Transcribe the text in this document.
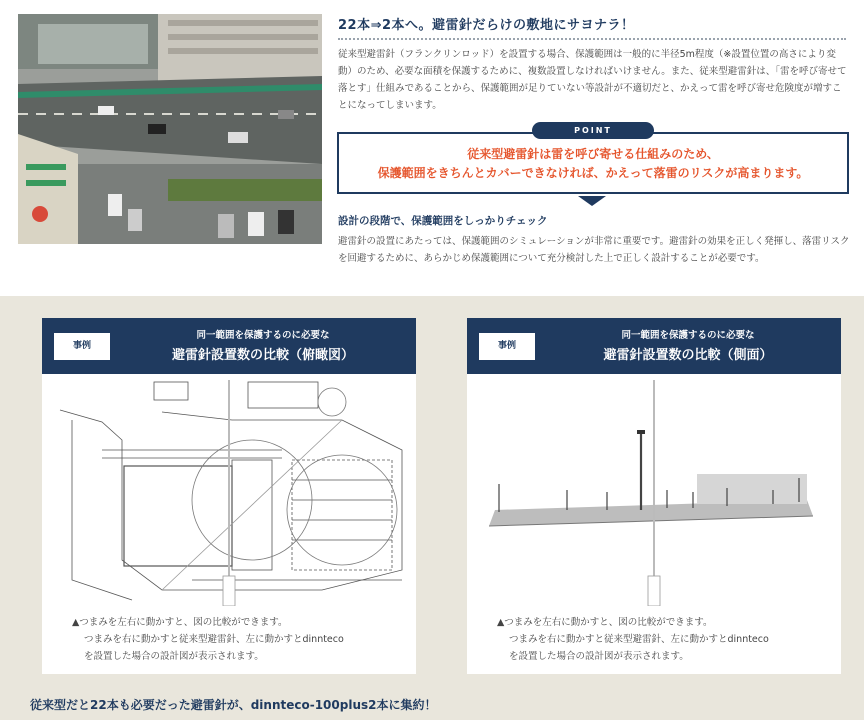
22本⇒2本へ。避雷針だらけの敷地にサヨナラ！
従来型避雷針（フランクリンロッド）を設置する場合、保護範囲は一般的に半径5m程度（※設置位置の高さにより変動）のため、必要な面積を保護するために、複数設置しなければいけません。また、従来型避雷針は、「雷を呼び寄せて落とす」仕組みであることから、保護範囲が足りていない等設計が不適切だと、かえって雷を呼び寄せ危険度が増すことになってしまいます。
POINT
従来型避雷針は雷を呼び寄せる仕組みのため、
保護範囲をきちんとカバーできなければ、かえって落雷のリスクが高まります。
設計の段階で、保護範囲をしっかりチェック
避雷針の設置にあたっては、保護範囲のシミュレーションが非常に重要です。避雷針の効果を正しく発揮し、落雷リスクを回避するために、あらかじめ保護範囲について充分検討した上で正しく設計することが必要です。
事例
同一範囲を保護するのに必要な
避雷針設置数の比較（俯瞰図）
▲つまみを左右に動かすと、図の比較ができます。
つまみを右に動かすと従来型避雷針、左に動かすとdinnteco
を設置した場合の設計図が表示されます。
事例
同一範囲を保護するのに必要な
避雷針設置数の比較（側面）
▲つまみを左右に動かすと、図の比較ができます。
つまみを右に動かすと従来型避雷針、左に動かすとdinnteco
を設置した場合の設計図が表示されます。
従来型だと22本も必要だった避雷針が、dinnteco-100plus2本に集約！
